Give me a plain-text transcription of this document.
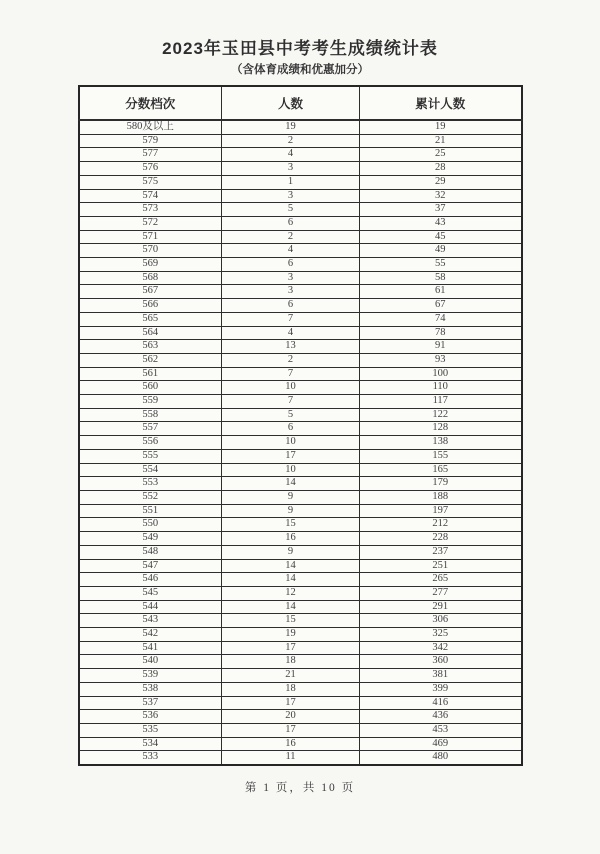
2023年玉田县中考考生成绩统计表

（含体育成绩和优惠加分）

分数档次	人数	累计人数
580及以上	19	19
579	2	21
577	4	25
576	3	28
575	1	29
574	3	32
573	5	37
572	6	43
571	2	45
570	4	49
569	6	55
568	3	58
567	3	61
566	6	67
565	7	74
564	4	78
563	13	91
562	2	93
561	7	100
560	10	110
559	7	117
558	5	122
557	6	128
556	10	138
555	17	155
554	10	165
553	14	179
552	9	188
551	9	197
550	15	212
549	16	228
548	9	237
547	14	251
546	14	265
545	12	277
544	14	291
543	15	306
542	19	325
541	17	342
540	18	360
539	21	381
538	18	399
537	17	416
536	20	436
535	17	453
534	16	469
533	11	480
第 1 页，共 10 页
